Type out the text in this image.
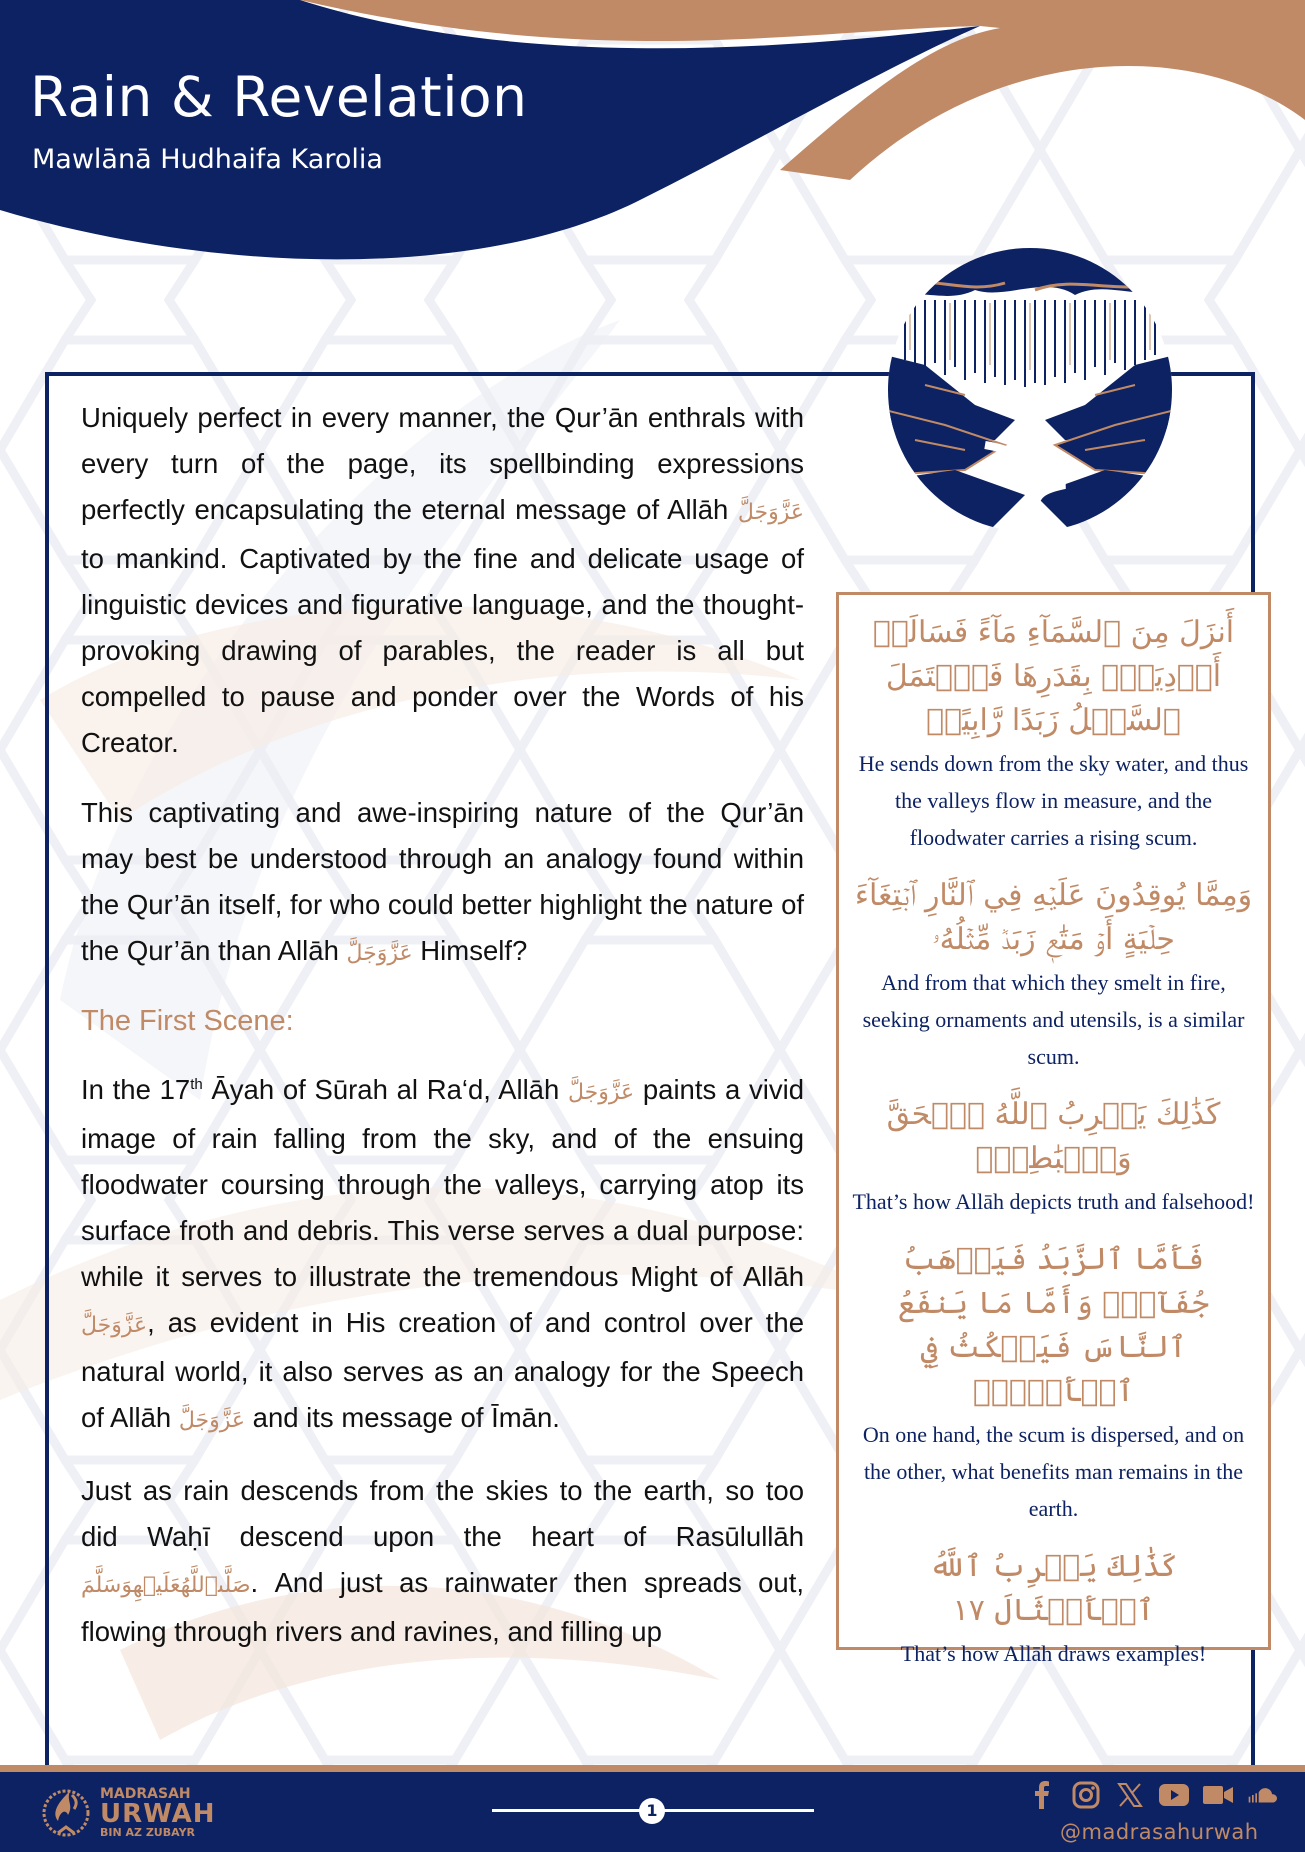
Rain & Revelation
Mawlānā Hudhaifa Karolia

Uniquely perfect in every manner, the Qur’ān enthrals with every turn of the page, its spellbinding expressions perfectly encapsulating the eternal message of Allāh عَزَّوَجَلَّ to mankind. Captivated by the fine and delicate usage of linguistic devices and figurative language, and the thought-provoking drawing of parables, the reader is all but compelled to pause and ponder over the Words of his Creator.

This captivating and awe-inspiring nature of the Qur’ān may best be understood through an analogy found within the Qur’ān itself, for who could better highlight the nature of the Qur’ān than Allāh عَزَّوَجَلَّ Himself?

The First Scene:

In the 17th Āyah of Sūrah al Ra‘d, Allāh عَزَّوَجَلَّ paints a vivid image of rain falling from the sky, and of the ensuing floodwater coursing through the valleys, carrying atop its surface froth and debris. This verse serves a dual purpose: while it serves to illustrate the tremendous Might of Allāh عَزَّوَجَلَّ, as evident in His creation of and control over the natural world, it also serves as an analogy for the Speech of Allāh عَزَّوَجَلَّ and its message of Īmān.

Just as rain descends from the skies to the earth, so too did Waḥī descend upon the heart of Rasūlullāh صَلَّىٱللَّهُعَلَيۡهِوَسَلَّمَ. And just as rainwater then spreads out, flowing through rivers and ravines, and filling up

أَنزَلَ مِنَ ٱلسَّمَآءِ مَآءً فَسَالَتۡ أَوۡدِيَةُۢ بِقَدَرِهَا فَٱحۡتَمَلَ ٱلسَّيۡلُ زَبَدًا رَّابِيًاۖ
He sends down from the sky water, and thus the valleys flow in measure, and the floodwater carries a rising scum.
وَمِمَّا يُوقِدُونَ عَلَيۡهِ فِي ٱلنَّارِ ٱبۡتِغَآءَ حِلۡيَةٍ أَوۡ مَتَٰعٖ زَبَدٞ مِّثۡلُهُۥ
And from that which they smelt in fire, seeking ornaments and utensils, is a similar scum.
كَذَٰلِكَ يَضۡرِبُ ٱللَّهُ ٱلۡحَقَّ وَٱلۡبَٰطِلَۚ
That’s how Allāh depicts truth and falsehood!
فَأَمَّا ٱلزَّبَدُ فَيَذۡهَبُ جُفَآءٗۖ وَأَمَّا مَا يَنفَعُ ٱلنَّاسَ فَيَمۡكُثُ فِي ٱلۡأَرۡضِۚ
On one hand, the scum is dispersed, and on the other, what benefits man remains in the earth.
كَذَٰلِكَ يَضۡرِبُ ٱللَّهُ ٱلۡأَمۡثَالَ ١٧
That’s how Allāh draws examples!
MADRASAH
URWAH
BIN AZ ZUBAYR
1
@madrasahurwah
